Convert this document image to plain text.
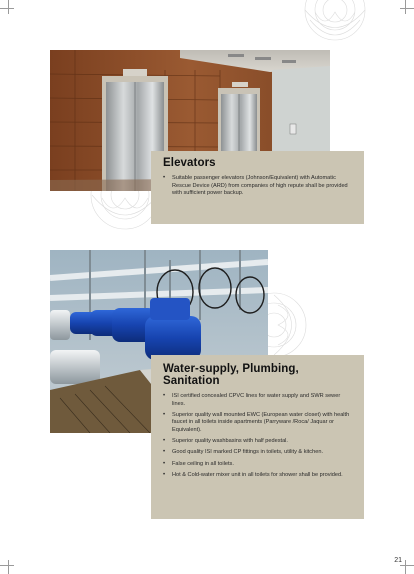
Elevators
• Suitable passenger elevators (Johnson/Equivalent) with Automatic Rescue Device (ARD) from companies of high repute shall be provided with sufficient power backup.
Water-supply, Plumbing, Sanitation
• ISI certified concealed CPVC lines for water supply and SWR sewer lines.
• Superior quality wall mounted EWC (European water closet) with health faucet in all toilets inside apartments (Parryware /Roca/ Jaquar or Equivalent).
• Superior quality washbasins with half pedestal.
• Good quality ISI marked CP fittings in toilets, utility & kitchen.
• False ceiling in all toilets.
• Hot & Cold-water mixer unit in all toilets for shower shall be provided.
21
